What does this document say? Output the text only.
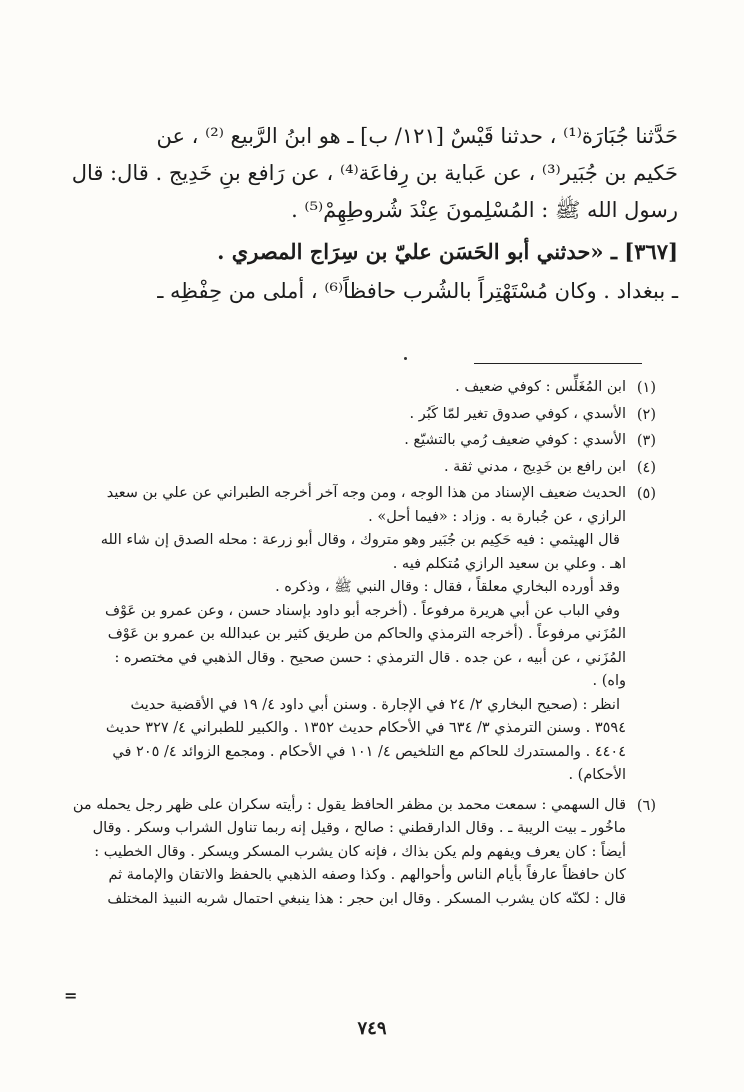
حَدَّثنا جُبَارَة⁽¹⁾ ، حدثنا قَيْسٌ [١٢١/ ب] ـ هو ابنُ الرَّبيع ⁽²⁾ ، عن
حَكيم بن جُبَير⁽³⁾ ، عن عَباية بن رِفاعَة⁽⁴⁾ ، عن رَافع بنِ خَدِيج . قال: قال
رسول الله ﷺ : المُسْلِمونَ عِنْدَ شُروطِهِمْ⁽⁵⁾ .
[٣٦٧] ـ «حدثني أبو الحَسَن عليّ بن سِرَاج المصري .
ـ ببغداد . وكان مُسْتَهْتِراً بالشُرب حافظاً⁽⁶⁾ ، أملى من حِفْظِه ـ
(١)
ابن المُغَلِّس : كوفي ضعيف .
(٢)
الأسدي ، كوفي صدوق تغير لمّا كَبُر .
(٣)
الأسدي : كوفي ضعيف رُمي بالتشيّع .
(٤)
ابن رافع بن خَدِيج ، مدني ثقة .
(٥)
الحديث ضعيف الإسناد من هذا الوجه ، ومن وجه آخر أخرجه الطبراني عن علي بن سعيد
الرازي ، عن جُبارة به . وزاد : «فيما أحل» .
قال الهيثمي : فيه حَكِيم بن جُبَير وهو متروك ، وقال أبو زرعة : محله الصدق إن شاء الله
اهـ . وعلي بن سعيد الرازي مُتكلم فيه .
وقد أورده البخاري معلقاً ، فقال : وقال النبي ﷺ ، وذكره .
وفي الباب عن أبي هريرة مرفوعاً . (أخرجه أبو داود بإسناد حسن ، وعن عمرو بن عَوْف
المُزَني مرفوعاً . (أخرجه الترمذي والحاكم من طريق كثير بن عبدالله بن عمرو بن عَوْف
المُزَني ، عن أبيه ، عن جده . قال الترمذي : حسن صحيح . وقال الذهبي في مختصره :
واه) .
انظر : (صحيح البخاري ٢/ ٢٤ في الإجارة . وسنن أبي داود ٤/ ١٩ في الأقضية حديث
٣٥٩٤ . وسنن الترمذي ٣/ ٦٣٤ في الأحكام حديث ١٣٥٢ . والكبير للطبراني ٤/ ٣٢٧ حديث
٤٤٠٤ . والمستدرك للحاكم مع التلخيص ٤/ ١٠١ في الأحكام . ومجمع الزوائد ٤/ ٢٠٥ في
الأحكام) .
(٦)
قال السهمي : سمعت محمد بن مظفر الحافظ يقول : رأيته سكران على ظهر رجل يحمله من
ماخُور ـ بيت الريبة ـ . وقال الدارقطني : صالح ، وقيل إنه ربما تناول الشراب وسكر . وقال
أيضاً : كان يعرف ويفهم ولم يكن بذاك ، فإنه كان يشرب المسكر ويسكر . وقال الخطيب :
كان حافظاً عارفاً بأيام الناس وأحوالهم . وكذا وصفه الذهبي بالحفظ والاتقان والإمامة ثم
قال : لكنّه كان يشرب المسكر . وقال ابن حجر : هذا ينبغي احتمال شربه النبيذ المختلف
=
٧٤٩
